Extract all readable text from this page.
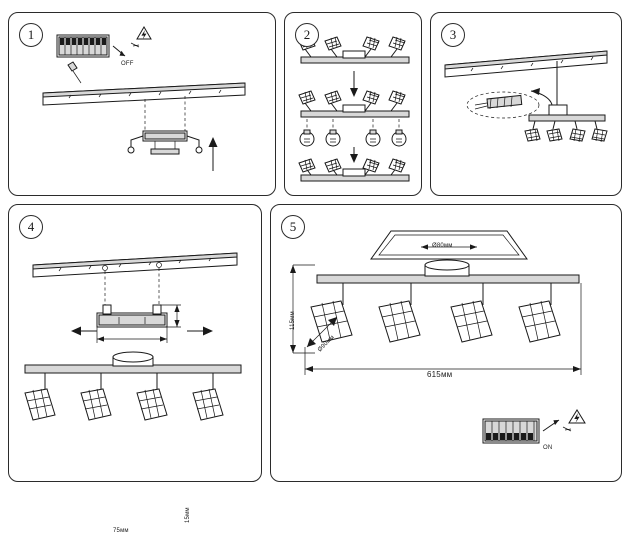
1
OFF
2	3
4
75мм
15мм
5
Ø80мм
615мм
115мм
Ø90мм
ON
